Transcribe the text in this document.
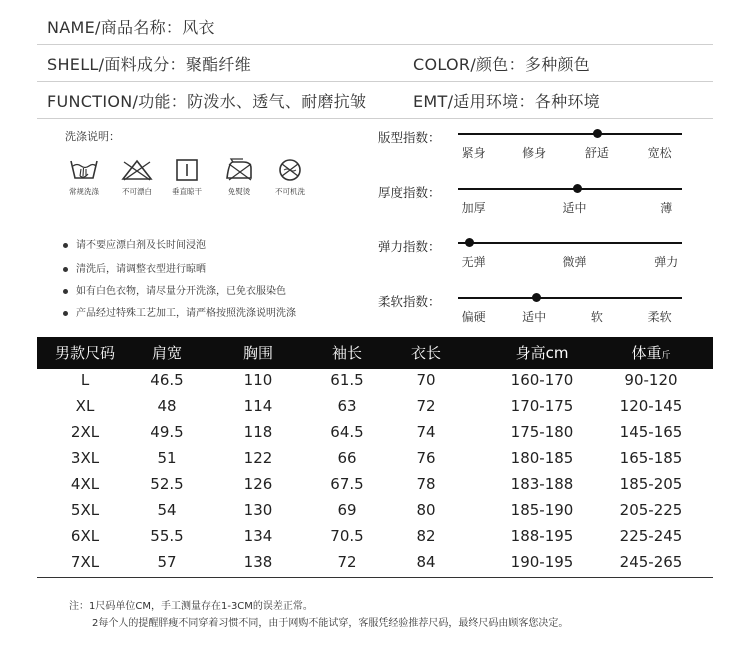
NAME/商品名称：风衣
SHELL/面料成分：聚酯纤维	COLOR/颜色：多种颜色
FUNCTION/功能：防泼水、透气、耐磨抗皱	EMT/适用环境：各种环境
洗涤说明：
常规洗涤	不可漂白	垂直晾干	免熨烫	不可机洗
请不要应漂白剂及长时间浸泡
清洗后，请调整衣型进行晾晒
如有白色衣物，请尽量分开洗涤，已免衣服染色
产品经过特殊工艺加工，请严格按照洗涤说明洗涤
版型指数：
紧身	修身	舒适	宽松
厚度指数：
加厚	适中	薄
弹力指数：
无弹	微弹	弹力
柔软指数：
偏硬	适中	软	柔软
男款尺码 肩宽	胸围	袖长	衣长	身高cm	体重斤
L	46.5	110	61.5	70	160-170	90-120
XL	48	114	63	72	170-175	120-145
2XL	49.5	118	64.5	74	175-180	145-165
3XL	51	122	66	76	180-185	165-185
4XL	52.5	126	67.5	78	183-188	185-205
5XL	54	130	69	80	185-190	205-225
6XL	55.5	134	70.5	82	188-195	225-245
7XL	57	138	72	84	190-195	245-265
注：1尺码单位CM，手工测量存在1-3CM的误差正常。
2每个人的提醒胖瘦不同穿着习惯不同，由于网购不能试穿，客服凭经验推荐尺码，最终尺码由顾客您决定。
